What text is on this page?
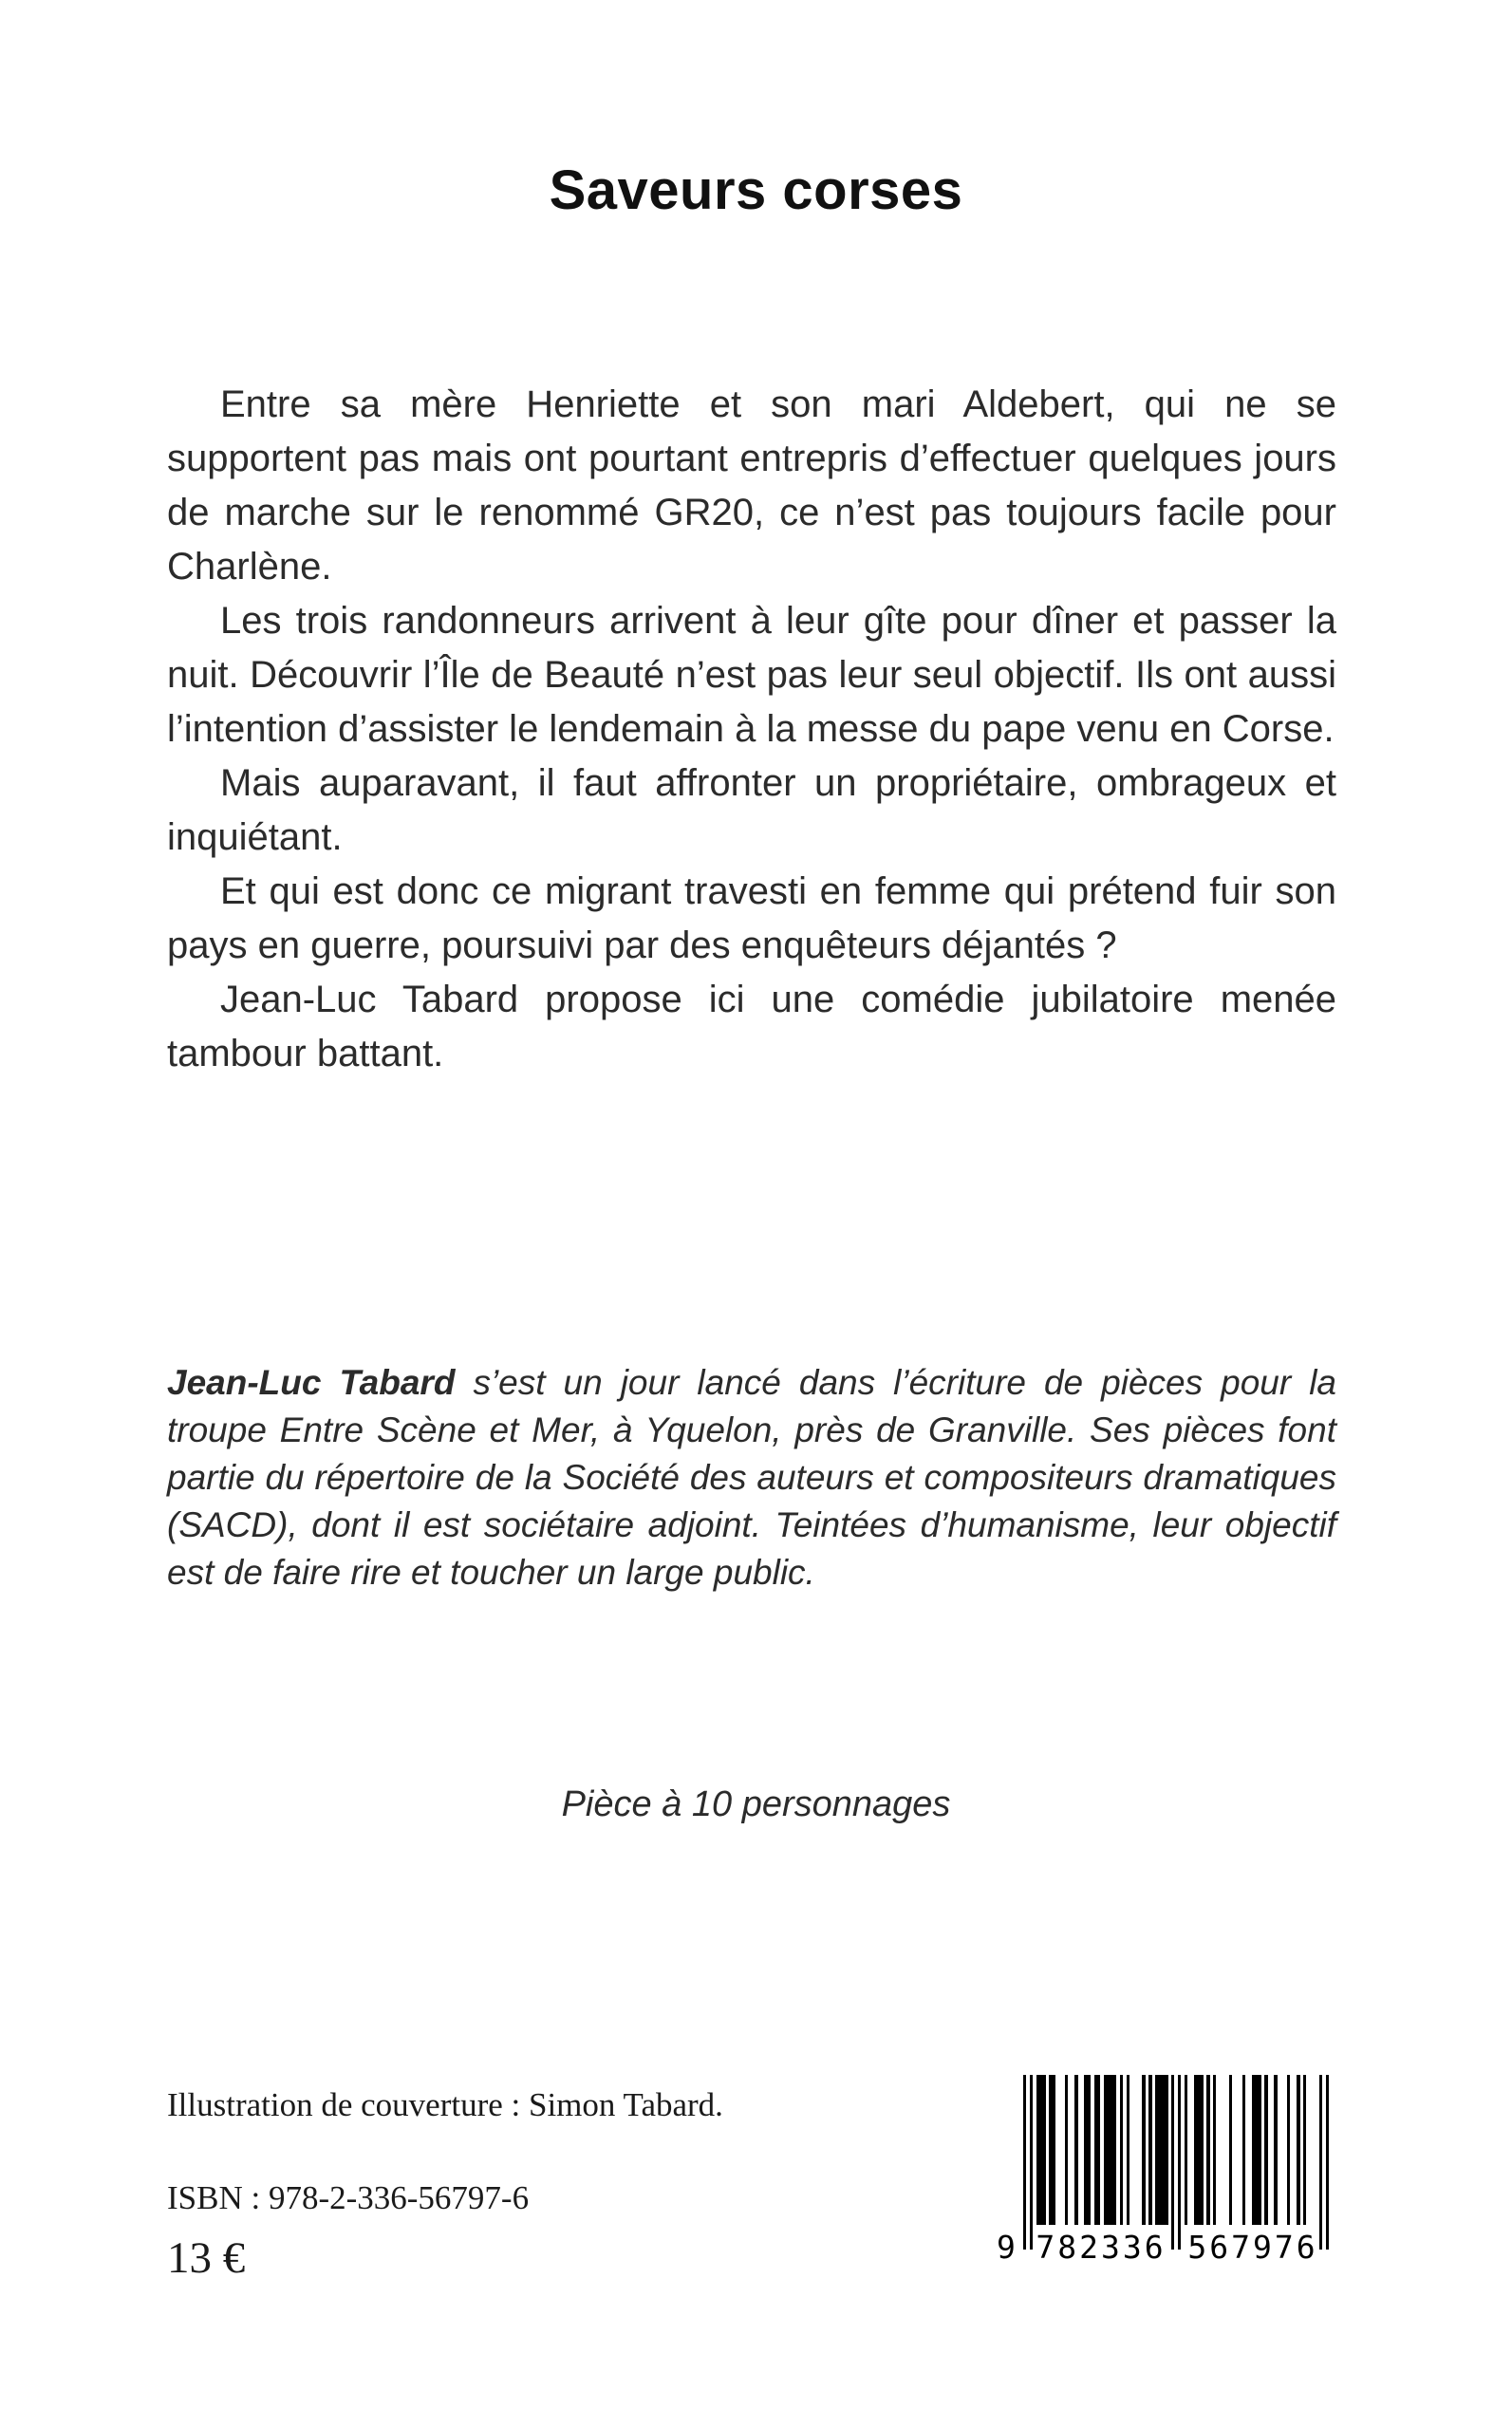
Saveurs corses

Entre sa mère Henriette et son mari Aldebert, qui ne se supportent pas mais ont pourtant entrepris d’effectuer quelques jours de marche sur le renommé GR20, ce n’est pas toujours facile pour Charlène.

Les trois randonneurs arrivent à leur gîte pour dîner et passer la nuit. Découvrir l’Île de Beauté n’est pas leur seul objectif. Ils ont aussi l’intention d’assister le lendemain à la messe du pape venu en Corse.

Mais auparavant, il faut affronter un propriétaire, ombrageux et inquiétant.

Et qui est donc ce migrant travesti en femme qui prétend fuir son pays en guerre, poursuivi par des enquêteurs déjantés ?

Jean-Luc Tabard propose ici une comédie jubilatoire menée tambour battant.

Jean-Luc Tabard s’est un jour lancé dans l’écriture de pièces pour la troupe Entre Scène et Mer, à Yquelon, près de Granville. Ses pièces font partie du répertoire de la Société des auteurs et compositeurs dramatiques (SACD), dont il est sociétaire adjoint. Teintées d’humanisme, leur objectif est de faire rire et toucher un large public.
Pièce à 10 personnages
Illustration de couverture : Simon Tabard.
ISBN : 978-2-336-56797-6
13 €	9 782336 567976
